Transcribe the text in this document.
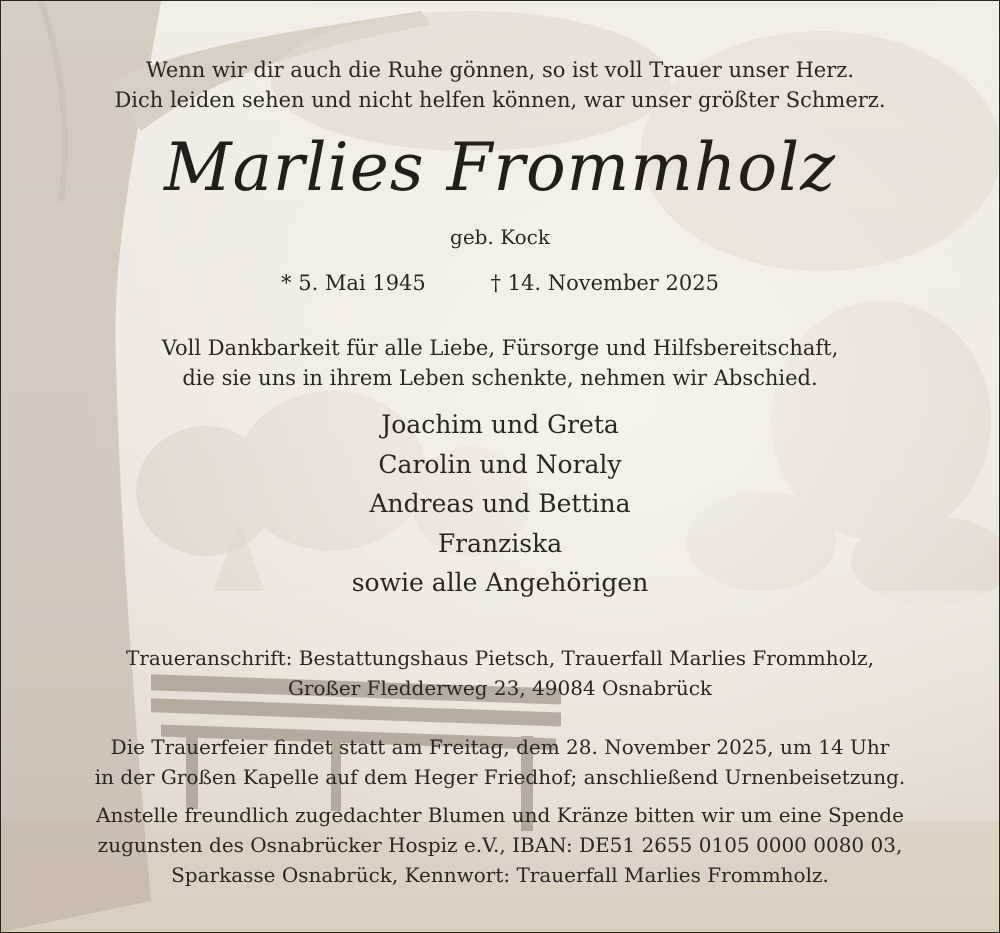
Wenn wir dir auch die Ruhe gönnen, so ist voll Trauer unser Herz.
Dich leiden sehen und nicht helfen können, war unser größter Schmerz.
Marlies Frommholz
geb. Kock
* 5. Mai 1945	† 14. November 2025
Voll Dankbarkeit für alle Liebe, Fürsorge und Hilfsbereitschaft,
die sie uns in ihrem Leben schenkte, nehmen wir Abschied.
Joachim und Greta
Carolin und Noraly
Andreas und Bettina
Franziska
sowie alle Angehörigen
Traueranschrift: Bestattungshaus Pietsch, Trauerfall Marlies Frommholz,
Großer Fledderweg 23, 49084 Osnabrück
Die Trauerfeier findet statt am Freitag, dem 28. November 2025, um 14 Uhr
in der Großen Kapelle auf dem Heger Friedhof; anschließend Urnenbeisetzung.
Anstelle freundlich zugedachter Blumen und Kränze bitten wir um eine Spende
zugunsten des Osnabrücker Hospiz e.V., IBAN: DE51 2655 0105 0000 0080 03,
Sparkasse Osnabrück, Kennwort: Trauerfall Marlies Frommholz.
